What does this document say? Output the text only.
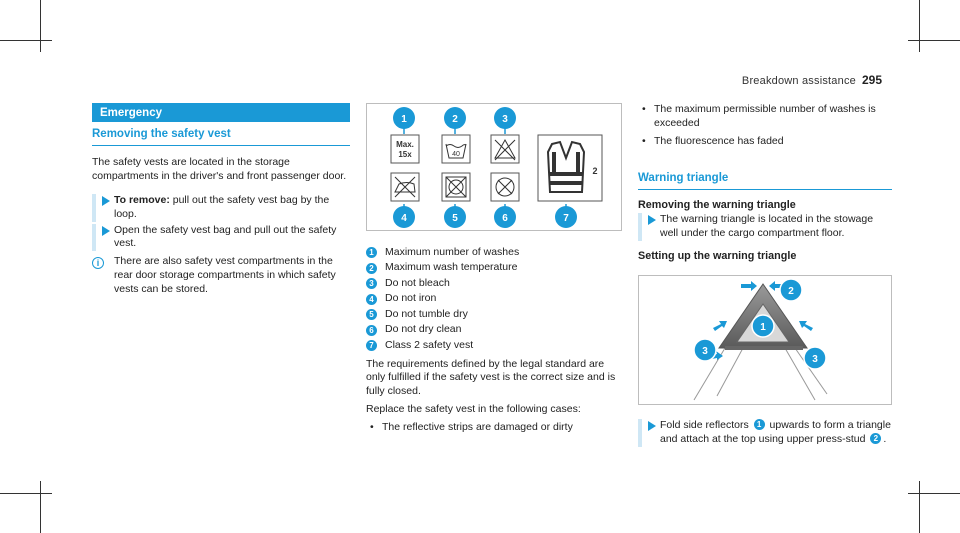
Breakdown assistance 295
Emergency
Removing the safety vest

The safety vests are located in the storage compartments in the driver's and front passenger door.

To remove: pull out the safety vest bag by the loop.
Open the safety vest bag and pull out the safety vest.
i	There are also safety vest compartments in the rear door storage compartments in which safety vests can be stored.
1	2	3
4	5	6	7
Max.
15x	40
2
1	Maximum number of washes
2	Maximum wash temperature
3	Do not bleach
4	Do not iron
5	Do not tumble dry
6	Do not dry clean
7	Class 2 safety vest

The requirements defined by the legal standard are only fulfilled if the safety vest is the correct size and is fully closed.

Replace the safety vest in the following cases:

• The reflective strips are damaged or dirty
• The maximum permissible number of washes is exceeded
• The fluorescence has faded
Warning triangle
Removing the warning triangle
The warning triangle is located in the stowage well under the cargo compartment floor.
Setting up the warning triangle
1
2
3
3
Fold side reflectors 1 upwards to form a triangle and attach at the top using upper press-stud 2 .
